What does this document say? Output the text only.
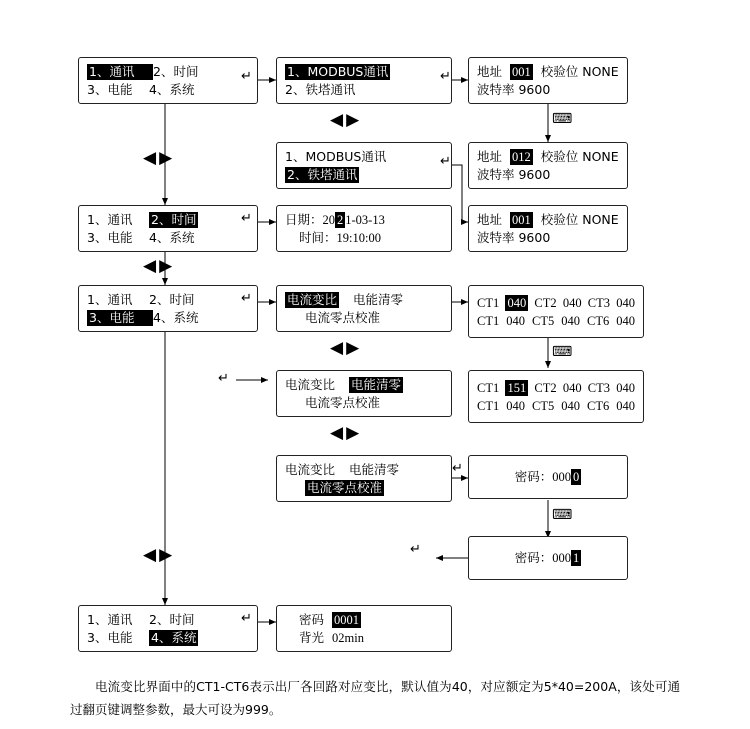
1、通讯	2、时间
3、电能	4、系统
1、MODBUS通讯
2、铁塔通讯
地址 001 校验位 NONE
波特率 9600
1、MODBUS通讯
2、铁塔通讯
地址 012 校验位 NONE
波特率 9600
1、通讯	2、时间
3、电能	4、系统
日期： 20 2 1-03-13
时间： 19:10:00
地址 001 校验位 NONE
波特率 9600
1、通讯	2、时间
3、电能	4、系统
电流变比 电能清零
电流零点校准
CT1 040 CT2 040 CT3 040
CT1 040 CT5 040 CT6 040
电流变比 电能清零
电流零点校准
CT1 151 CT2 040 CT3 040
CT1 040 CT5 040 CT6 040
电流变比 电能清零
电流零点校准
密码： 000 0
密码： 000 1
1、通讯	2、时间
3、电能	4、系统
密码 0001
背光 02min
◀▶
◀▶
◀▶
◀▶
◀▶
◀▶
↵	↵
↵
↵
↵
↵
↵
↵
↵
⌨
⌨
⌨
电流变比界面中的CT1-CT6表示出厂各回路对应变比，默认值为40，对应额定为5*40=200A，该处可通过翻页键调整参数，最大可设为999。
